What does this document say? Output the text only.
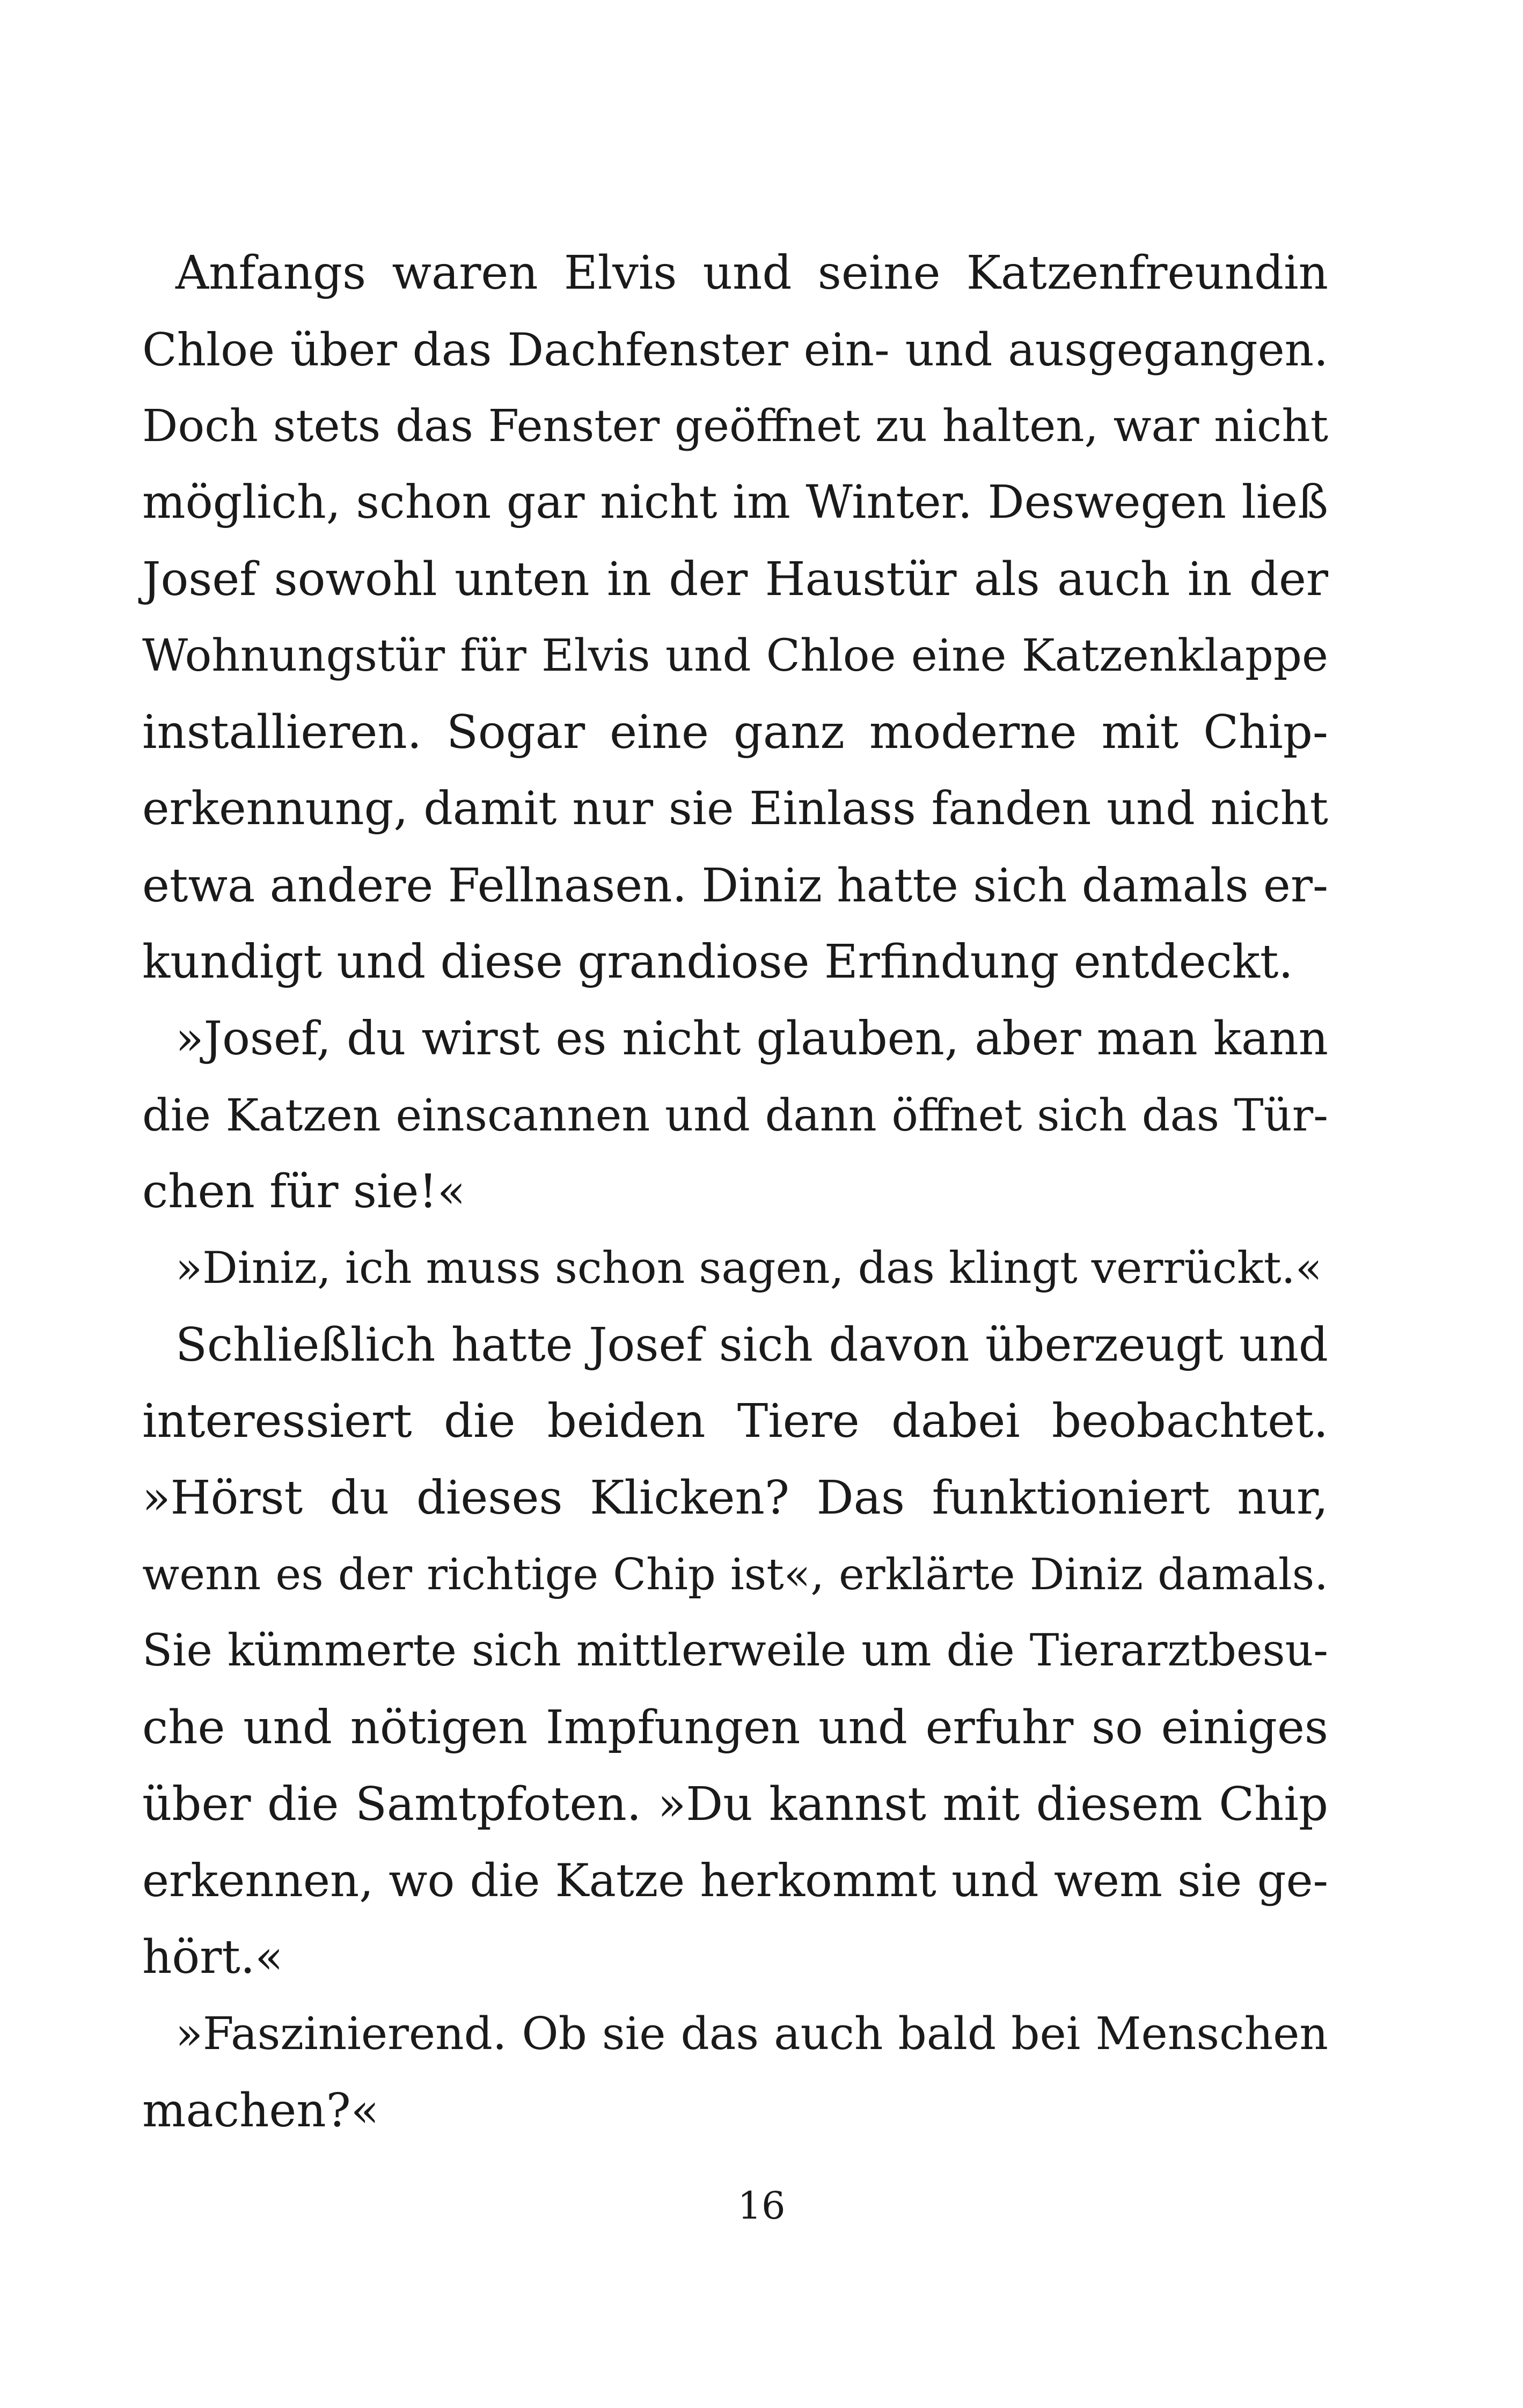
Anfangs waren Elvis und seine Katzenfreundin
Chloe über das Dachfenster ein- und ausgegangen.
Doch stets das Fenster geöffnet zu halten, war nicht
möglich, schon gar nicht im Winter. Deswegen ließ
Josef sowohl unten in der Haustür als auch in der
Wohnungstür für Elvis und Chloe eine Katzenklappe
installieren. Sogar eine ganz moderne mit Chip-
erkennung, damit nur sie Einlass fanden und nicht
etwa andere Fellnasen. Diniz hatte sich damals er-
kundigt und diese grandiose Erfindung entdeckt.
»Josef, du wirst es nicht glauben, aber man kann
die Katzen einscannen und dann öffnet sich das Tür-
chen für sie!«
»Diniz, ich muss schon sagen, das klingt verrückt.«
Schließlich hatte Josef sich davon überzeugt und
interessiert die beiden Tiere dabei beobachtet.
»Hörst du dieses Klicken? Das funktioniert nur,
wenn es der richtige Chip ist«, erklärte Diniz damals.
Sie kümmerte sich mittlerweile um die Tierarztbesu-
che und nötigen Impfungen und erfuhr so einiges
über die Samtpfoten. »Du kannst mit diesem Chip
erkennen, wo die Katze herkommt und wem sie ge-
hört.«
»Faszinierend. Ob sie das auch bald bei Menschen
machen?«
16
